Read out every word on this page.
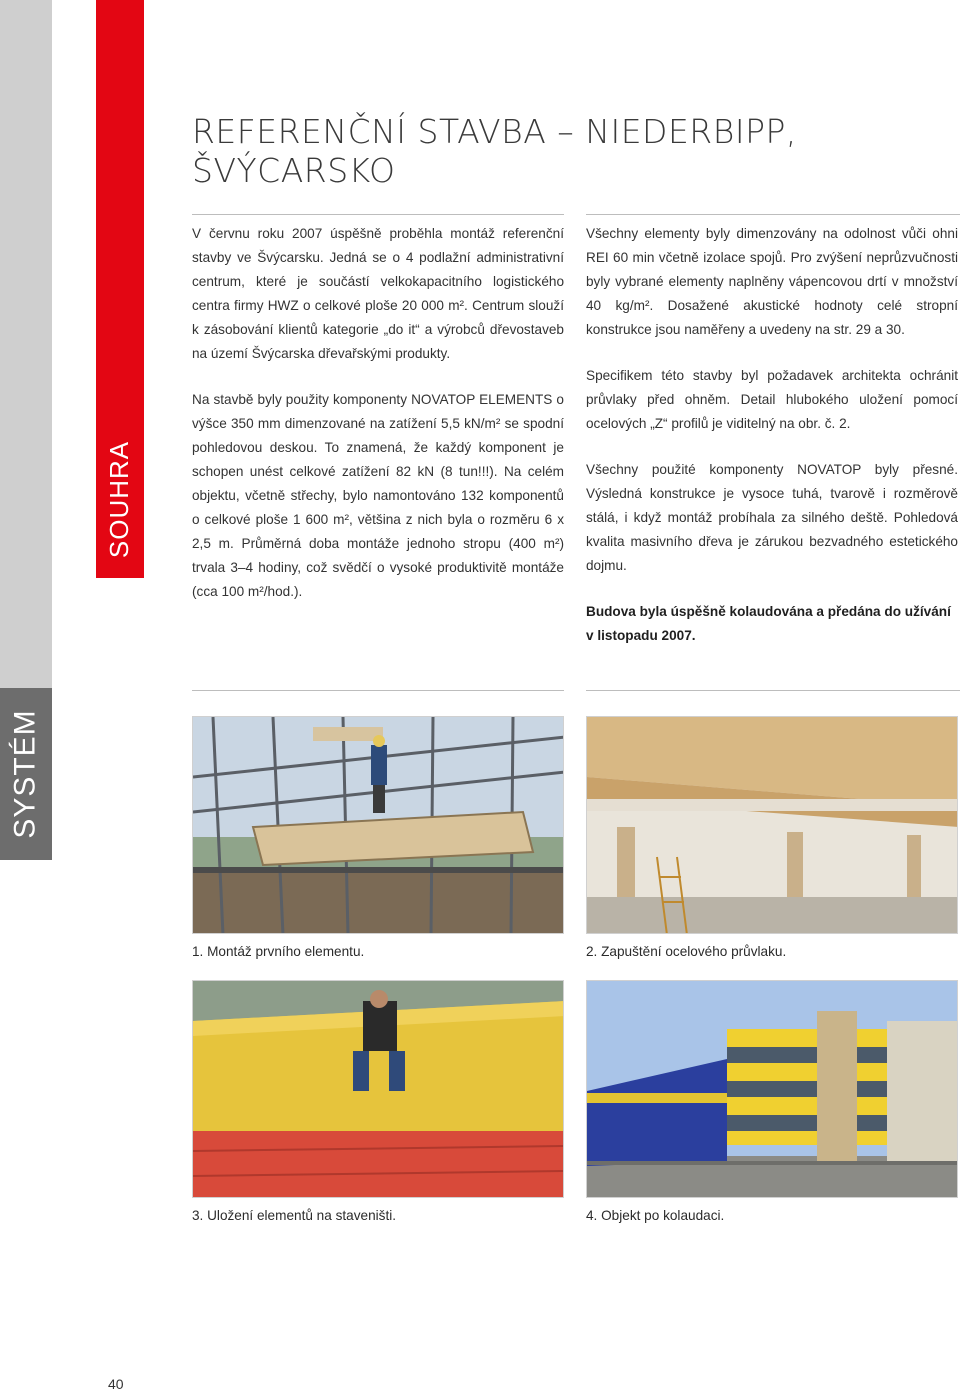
SOUHRA
SYSTÉM
REFERENČNÍ STAVBA – NIEDERBIPP, ŠVÝCARSKO

V červnu roku 2007 úspěšně proběhla montáž referenční stavby ve Švýcarsku. Jedná se o 4 podlažní administrativní centrum, které je součástí velkokapacitního logistického centra firmy HWZ o celkové ploše 20 000 m². Centrum slouží k zásobování klientů kategorie „do it“ a výrobců dřevostaveb na území Švýcarska dřevařskými produkty.

Na stavbě byly použity komponenty NOVATOP ELEMENTS o výšce 350 mm dimenzované na zatížení 5,5 kN/m² se spodní pohledovou deskou. To znamená, že každý komponent je schopen unést celkové zatížení 82 kN (8 tun!!!). Na celém objektu, včetně střechy, bylo namontováno 132 komponentů o celkové ploše 1 600 m², většina z nich byla o rozměru 6 x 2,5 m. Průměrná doba montáže jednoho stropu (400 m²) trvala 3–4 hodiny, což svědčí o vysoké produktivitě montáže (cca 100 m²/hod.).

Všechny elementy byly dimenzovány na odolnost vůči ohni REI 60 min včetně izolace spojů. Pro zvýšení neprůzvučnosti byly vybrané elementy naplněny vápencovou drtí v množství 40 kg/m². Dosažené akustické hodnoty celé stropní konstrukce jsou naměřeny a uvedeny na str. 29 a 30.

Specifikem této stavby byl požadavek architekta ochránit průvlaky před ohněm. Detail hlubokého uložení pomocí ocelových „Z“ profilů je viditelný na obr. č. 2.

Všechny použité komponenty NOVATOP byly přesné. Výsledná konstrukce je vysoce tuhá, tvarově i rozměrově stálá, i když montáž probíhala za silného deště. Pohledová kvalita masivního dřeva je zárukou bezvadného estetického dojmu.

Budova byla úspěšně kolaudována a předána do užívání v listopadu 2007.

1. Montáž prvního elementu.	2. Zapuštění ocelového průvlaku.
3. Uložení elementů na staveništi.	4. Objekt po kolaudaci.
40
